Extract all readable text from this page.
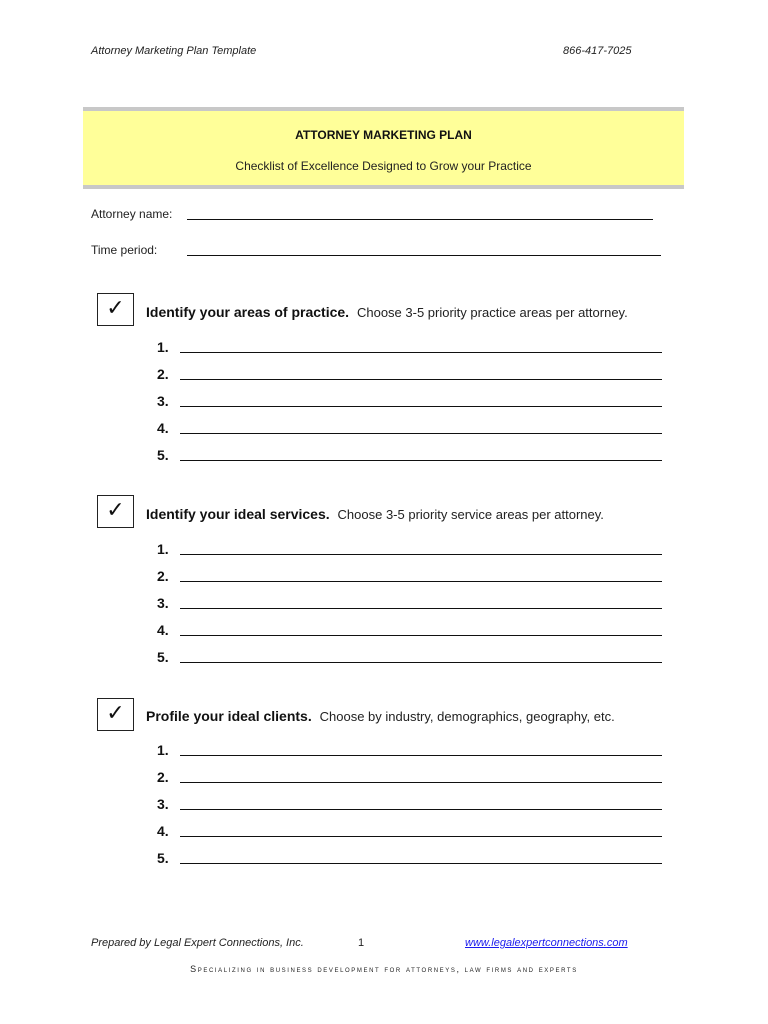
Attorney Marketing Plan Template	866-417-7025
ATTORNEY MARKETING PLAN
Checklist of Excellence Designed to Grow your Practice
Attorney name:
Time period:
✓	Identify your areas of practice. Choose 3-5 priority practice areas per attorney.
1.
2.
3.
4.
5.
✓	Identify your ideal services. Choose 3-5 priority service areas per attorney.
1.
2.
3.
4.
5.
✓	Profile your ideal clients. Choose by industry, demographics, geography, etc.
1.
2.
3.
4.
5.
Prepared by Legal Expert Connections, Inc.	1	www.legalexpertconnections.com
Specializing in business development for attorneys, law firms and experts
